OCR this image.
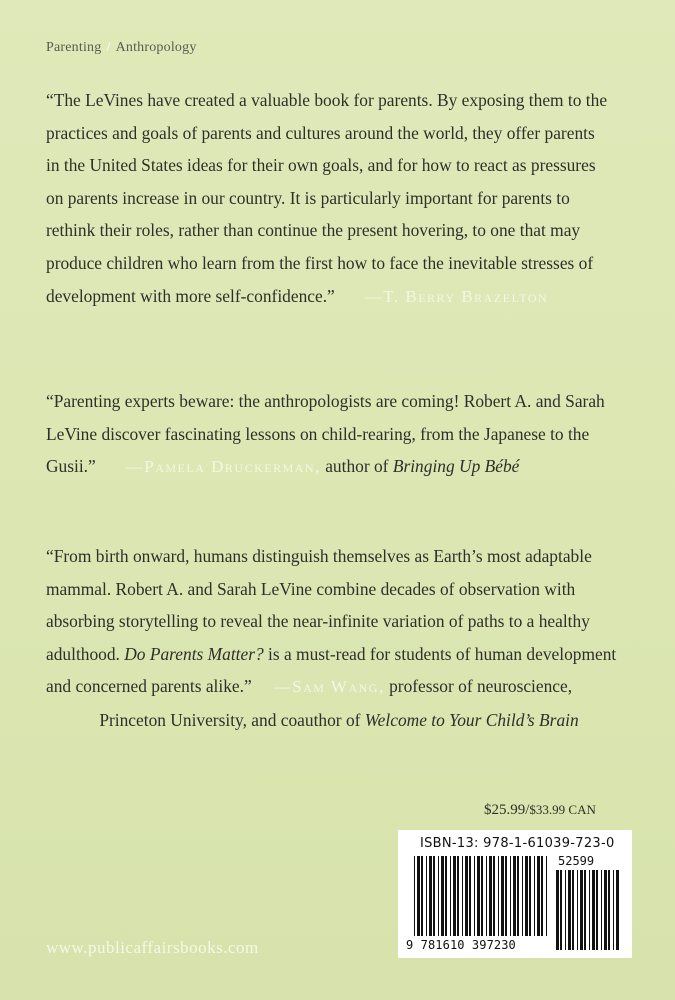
Parenting / Anthropology

“The LeVines have created a valuable book for parents. By exposing them to the
practices and goals of parents and cultures around the world, they offer parents
in the United States ideas for their own goals, and for how to react as pressures
on parents increase in our country. It is particularly important for parents to
rethink their roles, rather than continue the present hovering, to one that may
produce children who learn from the first how to face the inevitable stresses of
development with more self-confidence.” —T. Berry Brazelton

“Parenting experts beware: the anthropologists are coming! Robert A. and Sarah
LeVine discover fascinating lessons on child-rearing, from the Japanese to the
Gusii.” —Pamela Druckerman, author of Bringing Up Bébé

“From birth onward, humans distinguish themselves as Earth’s most adaptable
mammal. Robert A. and Sarah LeVine combine decades of observation with
absorbing storytelling to reveal the near-infinite variation of paths to a healthy
adulthood. Do Parents Matter? is a must-read for students of human development
and concerned parents alike.” —Sam Wang, professor of neuroscience,

Princeton University, and coauthor of Welcome to Your Child’s Brain

$25.99/$33.99 CAN
ISBN-13: 978-1-61039-723-0
52599
9 781610 397230
www.publicaffairsbooks.com
